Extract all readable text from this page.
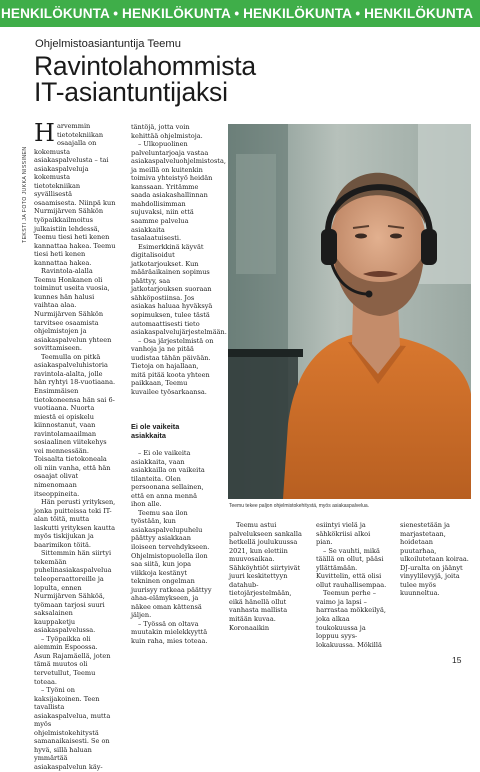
HENKILÖKUNTA • HENKILÖKUNTA • HENKILÖKUNTA • HENKILÖKUNTA
Ohjelmistoasiantuntija Teemu
Ravintolahommista
IT-asiantuntijaksi
TEKSTI JA FOTO JUKKA NISSINEN

Harvemmin tietotekniikan osaajalla on kokemusta asiakaspalvelusta – tai asiakaspalveluja kokemusta tietotekniikan syvällisestä osaamisesta. Niinpä kun Nurmijärven Sähkön työpaikkailmoitus julkaistiin lehdessä, Teemu tiesi heti kenen kannattaa hakea. Teemu tiesi heti kenen kannattaa hakea.

Ravintola-alalla Teemu Honkanen oli toiminut useita vuosia, kunnes hän halusi vaihtaa alaa. Nurmijärven Sähkön tarvitsee osaamista ohjelmistojen ja asiakaspalvelun yhteen sovittamiseen.

Teemulla on pitkä asiakaspalveluhistoria ravintola-alalta, jolle hän ryhtyi 18-vuotiaana. Ensimmäisen tietokoneensa hän sai 6-vuotiaana. Nuorta miestä ei opiskelu kiinnostanut, vaan ravintolamaailman sosiaalinen viitekehys vei mennessään. Toisaalta tietokoneala oli niin vanha, että hän osaajat olivat nimenomaan itseoppineita.

Hän perusti yrityksen, jonka puitteissa teki IT-alan töitä, mutta laskutti yrityksen kautta myös tiskijukan ja baarimikon töitä.

Sittemmin hän siirtyi tekemään puhelinasiakaspalvelua teleoperaattoreille ja lopulta, ennen Nurmijärven Sähköä, työmaan tarjosi suuri saksalainen kauppaketju asiakaspalvelussa.

– Työpaikka oli aiemmin Espoossa. Asun Rajamäellä, joten tämä muutos oli tervetullut, Teemu toteaa.

– Työni on kaksijakoinen. Teen tavallista asiakaspalvelua, mutta myös ohjelmistokehitystä samanaikaisesti. Se on hyvä, sillä haluan ymmärtää asiakaspalvelun käy-

täntöjä, jotta voin kehittää ohjelmistoja.

– Ulkopuolinen palveluntarjoaja vastaa asiakaspalveluohjelmistosta, ja meillä on kuitenkin toimiva yhteistyö heidän kanssaan. Yritämme saada asiakashallinnan mahdollisimman sujuvaksi, niin että saamme palvelua asiakkaita tasalaatuisesti.

Esimerkkinä käyvät digitalisoidut jatkotarjoukset. Kun määräaikainen sopimus päättyy, saa jatkotarjouksen suoraan sähköpostiinsa. Jos asiakas haluaa hyväksyä sopimuksen, tulee tästä automaattisesti tieto asiakaspalvelujärjestelmään.

– Osa järjestelmistä on vanhoja ja ne pitää uudistaa tähän päivään. Tietoja on hajallaan, mitä pitää koota yhteen paikkaan, Teemu kuvailee työsarkaansa.

Ei ole vaikeita
asiakkaita

– Ei ole vaikeita asiakkaita, vaan asiakkailla on vaikeita tilanteita. Olen persoonana sellainen, että en anna mennä ihon alle.

Teemu saa ilon työstään, kun asiakaspalvelupuhelu päättyy asiakkaan iloiseen tervehdykseen. Ohjelmistopuolella ilon saa siitä, kun jopa viikkoja kestänyt tekninen ongelman juurisyy ratkeaa päättyy ahaa-elämykseen, ja näkee oman kättensä jäljen.

– Työssä on oltava muutakin mielekkyyttä kuin raha, mies toteaa.

Teemu tekee paljon ohjelmistokehitystä, myös asiakaspalvelua.

Teemu astui palvelukseen sankalla hetkellä joulukuussa 2021, kun elettiin muuvosaikaa. Sähköyhtiöt siirtyivät juuri keskitettyyn datahub-tietojärjestelmään, eikä hänellä ollut vanhasta mallista mitään kuvaa. Koronaaikin

esiintyi vielä ja sähkökriisi alkoi pian.

– Se vauhti, mikä täällä on ollut, pääsi yllättämään. Kuvittelin, että olisi ollut rauhallisempaa.

Teemun perhe – vaimo ja lapsi – harrastaa mökkeilyä, joka alkaa toukokuussa ja loppuu syys-lokakuussa. Mökillä

sienestetään ja marjastetaan, hoidetaan puutarhaa, ulkoilutetaan koiraa. DJ-uralta on jäänyt vinyylilevyjä, joita tulee myös kuunneltua.

15
